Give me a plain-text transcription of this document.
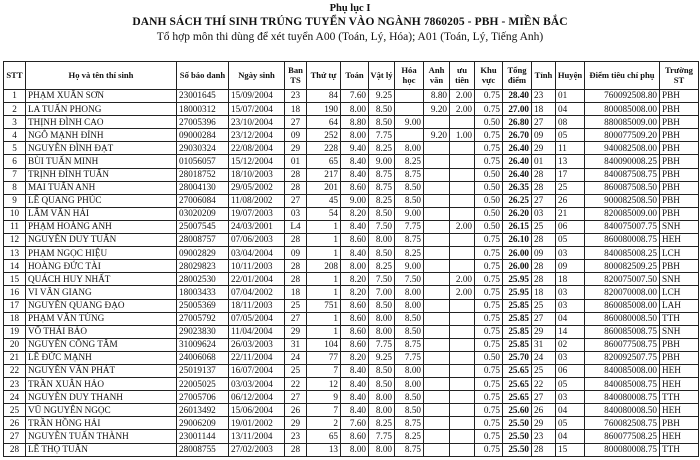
Phụ lục I
DANH SÁCH THÍ SINH TRÚNG TUYỂN VÀO NGÀNH 7860205 - PBH - MIỀN BẮC
Tổ hợp môn thi dùng để xét tuyển A00 (Toán, Lý, Hóa); A01 (Toán, Lý, Tiếng Anh)
STT	Họ và tên thí sinh	Số báo danh	Ngày sinh	Ban TS	Thứ tự	Toán	Vật lý	Hóa học	Anh văn	ưu tiên	Khu vực	Tổng điểm	Tỉnh	Huyện	Điểm tiêu chí phụ	Trường ST
1	PHẠM XUÂN SƠN	23001645	15/09/2004	23	84	7.60	9.25		8.80	2.00	0.75	28.40	23	01	760092508.80	PBH
2	LA TUẤN PHONG	18000312	15/07/2004	18	190	8.00	8.50		9.20	2.00	0.75	27.00	18	04	800085008.00	PBH
3	THỊNH ĐÌNH CAO	27005396	23/10/2004	27	64	8.80	8.50	9.00			0.50	26.80	27	08	880085009.00	PBH
4	NGÔ MẠNH ĐỈNH	09000284	23/12/2004	09	252	8.00	7.75		9.20	1.00	0.75	26.70	09	05	800077509.20	PBH
5	NGUYỄN ĐÌNH ĐẠT	29030324	22/08/2004	29	228	9.40	8.25	8.00			0.75	26.40	29	11	940082508.00	PBH
6	BÙI TUẤN MINH	01056057	15/12/2004	01	65	8.40	9.00	8.25			0.75	26.40	01	13	840090008.25	PBH
7	TRỊNH ĐÌNH TUẤN	28018752	18/10/2003	28	217	8.40	8.75	8.75			0.50	26.40	28	17	840087508.75	PBH
8	MAI TUẤN ANH	28004130	29/05/2002	28	201	8.60	8.75	8.50			0.50	26.35	28	25	860087508.50	PBH
9	LÊ QUANG PHÚC	27006084	11/08/2002	27	45	9.00	8.25	8.50			0.50	26.25	27	26	900082508.50	PBH
10	LÂM VĂN HẢI	03020209	19/07/2003	03	54	8.20	8.50	9.00			0.50	26.20	03	21	820085009.00	PBH
11	PHẠM HOÀNG ANH	25007545	24/03/2001	L4	1	8.40	7.50	7.75		2.00	0.50	26.15	25	06	840075007.75	SNH
12	NGUYỄN DUY TUẤN	28008757	07/06/2003	28	1	8.60	8.00	8.75			0.75	26.10	28	05	860080008.75	HEH
13	PHẠM NGỌC HIỆU	09002829	03/04/2004	09	1	8.40	8.50	8.25			0.75	26.00	09	03	840085008.25	LCH
14	HOÀNG ĐỨC TÀI	28029823	10/11/2003	28	208	8.00	8.25	9.00			0.75	26.00	28	09	800082509.25	PBH
15	QUÁCH HUY NHẤT	28002530	22/01/2004	28	1	8.20	7.50	7.50		2.00	0.75	25.95	28	18	820075007.50	SNH
16	VI VĂN GIANG	18003433	07/04/2002	18	1	8.20	7.00	8.00		2.00	0.75	25.95	18	03	820070008.00	LCH
17	NGUYỄN QUANG ĐẠO	25005369	18/11/2003	25	751	8.60	8.50	8.00			0.75	25.85	25	03	860085008.00	LAH
18	PHẠM VĂN TÙNG	27005792	07/05/2004	27	1	8.60	8.00	8.50			0.75	25.85	27	04	860080008.50	TTH
19	VÕ THÁI BẢO	29023830	11/04/2004	29	1	8.60	8.00	8.50			0.75	25.85	29	14	860085008.75	SNH
20	NGUYỄN CÔNG TÂM	31009624	26/03/2003	31	104	8.60	7.75	8.75			0.75	25.85	31	02	860077508.75	PBH
21	LÊ ĐỨC MẠNH	24006068	22/11/2004	24	77	8.20	9.25	7.75			0.50	25.70	24	03	820092507.75	PBH
22	NGUYỄN VĂN PHÁT	25019137	16/07/2004	25	7	8.40	8.50	8.00			0.75	25.65	25	06	840085008.00	HEH
23	TRẦN XUÂN HẢO	22005025	03/03/2004	22	12	8.40	8.50	8.00			0.75	25.65	22	05	840085008.75	HEH
24	NGUYỄN DUY THANH	27005706	06/12/2004	27	9	8.40	8.00	8.50			0.75	25.65	27	03	840080008.75	TTH
25	VŨ NGUYÊN NGỌC	26013492	15/06/2004	26	7	8.40	8.00	8.50			0.75	25.60	26	04	840080008.50	HEH
26	TRẦN HỒNG HẢI	29006209	19/01/2002	29	2	7.60	8.25	8.75			0.75	25.50	29	05	760082508.75	PBH
27	NGUYỄN TUẤN THÀNH	23001144	13/11/2004	23	65	8.60	7.75	8.25			0.75	25.50	23	04	860077508.25	HEH
28	LÊ THỌ TUẤN	28008755	27/02/2003	28	13	8.00	8.00	8.75			0.75	25.50	28	15	800080008.75	TTH
